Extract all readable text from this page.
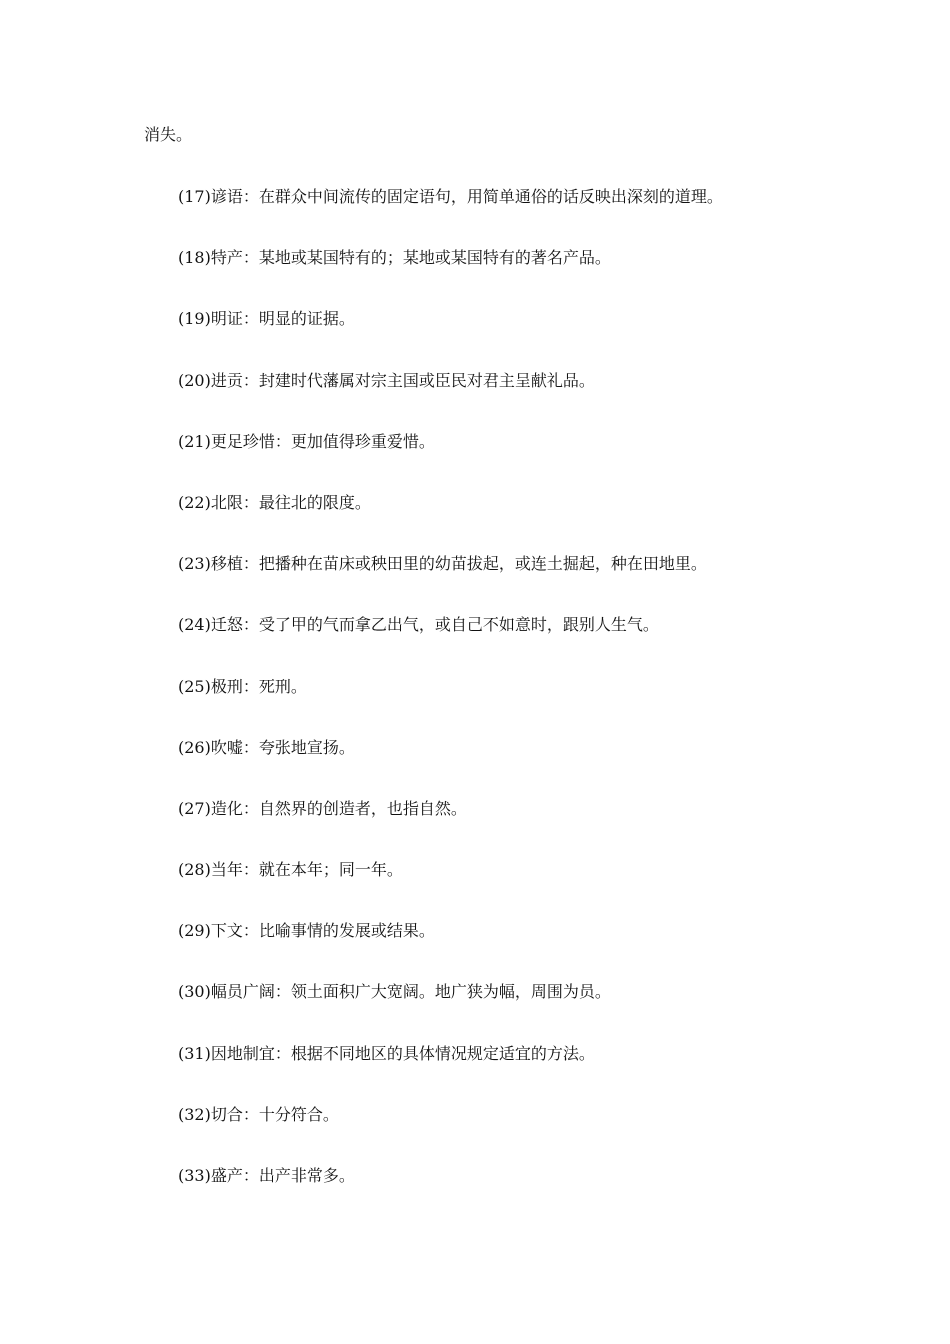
消失。
(17)谚语：在群众中间流传的固定语句，用简单通俗的话反映出深刻的道理。
(18)特产：某地或某国特有的；某地或某国特有的著名产品。
(19)明证：明显的证据。
(20)进贡：封建时代藩属对宗主国或臣民对君主呈献礼品。
(21)更足珍惜：更加值得珍重爱惜。
(22)北限：最往北的限度。
(23)移植：把播种在苗床或秧田里的幼苗拔起，或连土掘起，种在田地里。
(24)迁怒：受了甲的气而拿乙出气，或自己不如意时，跟别人生气。
(25)极刑：死刑。
(26)吹嘘：夸张地宣扬。
(27)造化：自然界的创造者，也指自然。
(28)当年：就在本年；同一年。
(29)下文：比喻事情的发展或结果。
(30)幅员广阔：领土面积广大宽阔。地广狭为幅，周围为员。
(31)因地制宜：根据不同地区的具体情况规定适宜的方法。
(32)切合：十分符合。
(33)盛产：出产非常多。
